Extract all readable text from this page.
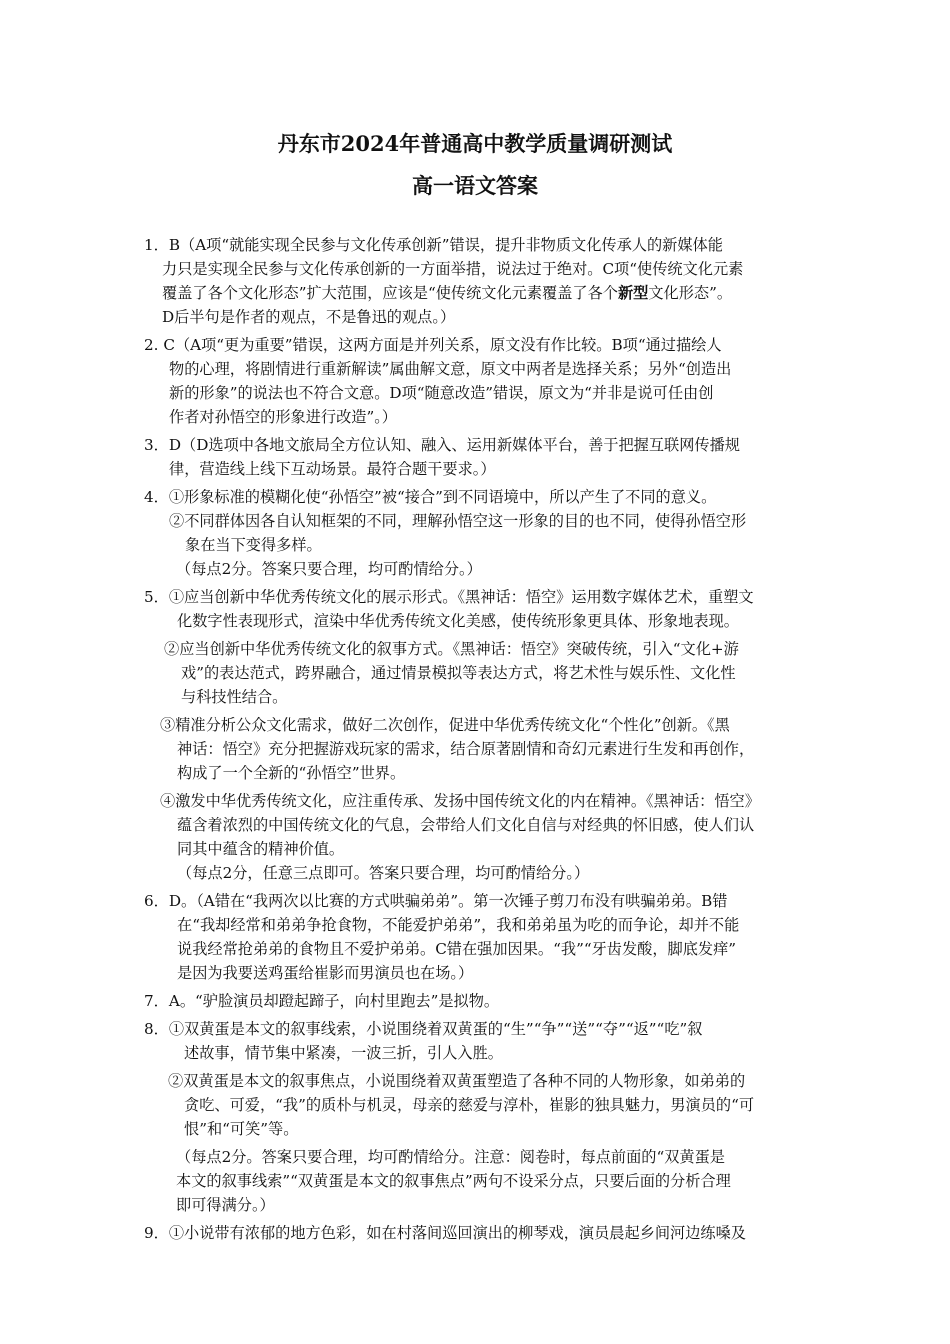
丹东市2024年普通高中教学质量调研测试
高一语文答案
1．B（A项“就能实现全民参与文化传承创新”错误，提升非物质文化传承人的新媒体能
力只是实现全民参与文化传承创新的一方面举措，说法过于绝对。C项“使传统文化元素
覆盖了各个文化形态”扩大范围，应该是“使传统文化元素覆盖了各个新型文化形态”。
D后半句是作者的观点，不是鲁迅的观点。）
2. C（A项“更为重要”错误，这两方面是并列关系，原文没有作比较。B项“通过描绘人
物的心理，将剧情进行重新解读”属曲解文意，原文中两者是选择关系；另外“创造出
新的形象”的说法也不符合文意。D项“随意改造”错误，原文为“并非是说可任由创
作者对孙悟空的形象进行改造”。）
3．D（D选项中各地文旅局全方位认知、融入、运用新媒体平台，善于把握互联网传播规
律，营造线上线下互动场景。最符合题干要求。）
4．①形象标准的模糊化使“孙悟空”被“接合”到不同语境中，所以产生了不同的意义。
②不同群体因各自认知框架的不同，理解孙悟空这一形象的目的也不同，使得孙悟空形
象在当下变得多样。
（每点2分。答案只要合理，均可酌情给分。）
5．①应当创新中华优秀传统文化的展示形式。《黑神话：悟空》运用数字媒体艺术，重塑文
化数字性表现形式，渲染中华优秀传统文化美感，使传统形象更具体、形象地表现。
②应当创新中华优秀传统文化的叙事方式。《黑神话：悟空》突破传统，引入“文化+游
戏”的表达范式，跨界融合，通过情景模拟等表达方式，将艺术性与娱乐性、文化性
与科技性结合。
③精准分析公众文化需求，做好二次创作，促进中华优秀传统文化“个性化”创新。《黑
神话：悟空》充分把握游戏玩家的需求，结合原著剧情和奇幻元素进行生发和再创作，
构成了一个全新的“孙悟空”世界。
④激发中华优秀传统文化，应注重传承、发扬中国传统文化的内在精神。《黑神话：悟空》
蕴含着浓烈的中国传统文化的气息，会带给人们文化自信与对经典的怀旧感，使人们认
同其中蕴含的精神价值。
（每点2分，任意三点即可。答案只要合理，均可酌情给分。）
6．D。（A错在“我两次以比赛的方式哄骗弟弟”。第一次锤子剪刀布没有哄骗弟弟。B错
在“我却经常和弟弟争抢食物，不能爱护弟弟”，我和弟弟虽为吃的而争论，却并不能
说我经常抢弟弟的食物且不爱护弟弟。C错在强加因果。“我”“牙齿发酸，脚底发痒”
是因为我要送鸡蛋给崔影而男演员也在场。）
7．A。“驴脸演员却蹬起蹄子，向村里跑去”是拟物。
8．①双黄蛋是本文的叙事线索，小说围绕着双黄蛋的“生”“争”“送”“夺”“返”“吃”叙
述故事，情节集中紧凑，一波三折，引人入胜。
②双黄蛋是本文的叙事焦点，小说围绕着双黄蛋塑造了各种不同的人物形象，如弟弟的
贪吃、可爱，“我”的质朴与机灵，母亲的慈爱与淳朴，崔影的独具魅力，男演员的“可
恨”和“可笑”等。
（每点2分。答案只要合理，均可酌情给分。注意：阅卷时，每点前面的“双黄蛋是
本文的叙事线索”“双黄蛋是本文的叙事焦点”两句不设采分点，只要后面的分析合理
即可得满分。）
9．①小说带有浓郁的地方色彩，如在村落间巡回演出的柳琴戏，演员晨起乡间河边练嗓及
